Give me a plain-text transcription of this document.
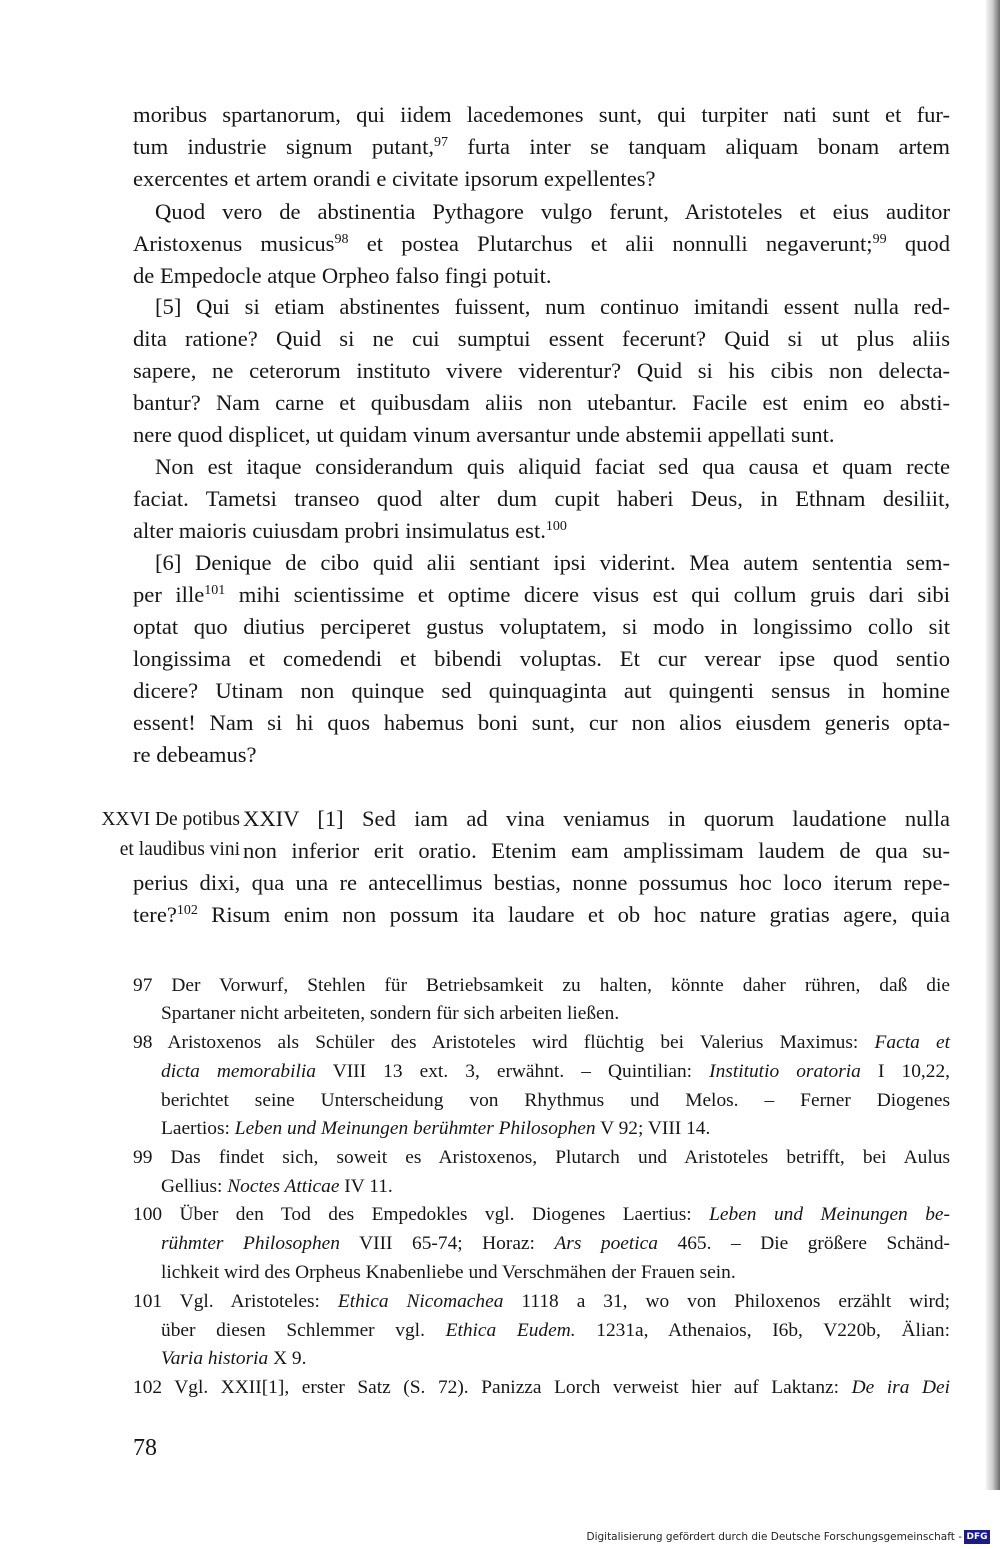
moribus spartanorum, qui iidem lacedemones sunt, qui turpiter nati sunt et fur-
tum industrie signum putant,$^{97}$ furta inter se tanquam aliquam bonam artem
exercentes et artem orandi e civitate ipsorum expellentes?
Quod vero de abstinentia Pythagore vulgo ferunt, Aristoteles et eius auditor
Aristoxenus musicus$^{98}$ et postea Plutarchus et alii nonnulli negaverunt;$^{99}$ quod
de Empedocle atque Orpheo falso fingi potuit.
[5] Qui si etiam abstinentes fuissent, num continuo imitandi essent nulla red-
dita ratione? Quid si ne cui sumptui essent fecerunt? Quid si ut plus aliis
sapere, ne ceterorum instituto vivere viderentur? Quid si his cibis non delecta-
bantur? Nam carne et quibusdam aliis non utebantur. Facile est enim eo absti-
nere quod displicet, ut quidam vinum aversantur unde abstemii appellati sunt.
Non est itaque considerandum quis aliquid faciat sed qua causa et quam recte
faciat. Tametsi transeo quod alter dum cupit haberi Deus, in Ethnam desiliit,
alter maioris cuiusdam probri insimulatus est.$^{100}$
[6] Denique de cibo quid alii sentiant ipsi viderint. Mea autem sententia sem-
per ille$^{101}$ mihi scientissime et optime dicere visus est qui collum gruis dari sibi
optat quo diutius perciperet gustus voluptatem, si modo in longissimo collo sit
longissima et comedendi et bibendi voluptas. Et cur verear ipse quod sentio
dicere? Utinam non quinque sed quinquaginta aut quingenti sensus in homine
essent! Nam si hi quos habemus boni sunt, cur non alios eiusdem generis opta-
re debeamus?
XXVI De potibus
et laudibus vini
XXIV [1] Sed iam ad vina veniamus in quorum laudatione nulla
non inferior erit oratio. Etenim eam amplissimam laudem de qua su-
perius dixi, qua una re antecellimus bestias, nonne possumus hoc loco iterum repe-
tere?$^{102}$ Risum enim non possum ita laudare et ob hoc nature gratias agere, quia
97 Der Vorwurf, Stehlen für Betriebsamkeit zu halten, könnte daher rühren, daß die
Spartaner nicht arbeiteten, sondern für sich arbeiten ließen.
98 Aristoxenos als Schüler des Aristoteles wird flüchtig bei Valerius Maximus: Facta et
dicta memorabilia VIII 13 ext. 3, erwähnt. – Quintilian: Institutio oratoria I 10,22,
berichtet seine Unterscheidung von Rhythmus und Melos. – Ferner Diogenes
Laertios: Leben und Meinungen berühmter Philosophen V 92; VIII 14.
99 Das findet sich, soweit es Aristoxenos, Plutarch und Aristoteles betrifft, bei Aulus
Gellius: Noctes Atticae IV 11.
100 Über den Tod des Empedokles vgl. Diogenes Laertius: Leben und Meinungen be-
rühmter Philosophen VIII 65-74; Horaz: Ars poetica 465. – Die größere Schänd-
lichkeit wird des Orpheus Knabenliebe und Verschmähen der Frauen sein.
101 Vgl. Aristoteles: Ethica Nicomachea 1118 a 31, wo von Philoxenos erzählt wird;
über diesen Schlemmer vgl. Ethica Eudem. 1231a, Athenaios, I6b, V220b, Älian:
Varia historia X 9.
102 Vgl. XXII[1], erster Satz (S. 72). Panizza Lorch verweist hier auf Laktanz: De ira Dei
78
Digitalisierung gefördert durch die Deutsche Forschungsgemeinschaft - DFG
